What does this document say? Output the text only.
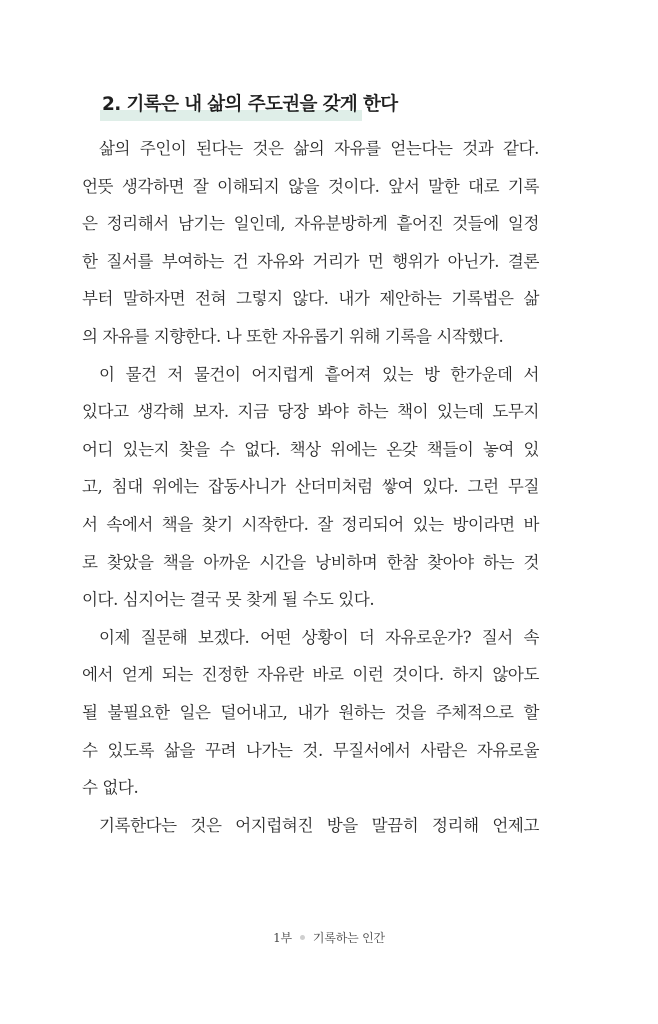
2. 기록은 내 삶의 주도권을 갖게 한다
삶의 주인이 된다는 것은 삶의 자유를 얻는다는 것과 같다.
언뜻 생각하면 잘 이해되지 않을 것이다. 앞서 말한 대로 기록
은 정리해서 남기는 일인데, 자유분방하게 흩어진 것들에 일정
한 질서를 부여하는 건 자유와 거리가 먼 행위가 아닌가. 결론
부터 말하자면 전혀 그렇지 않다. 내가 제안하는 기록법은 삶
의 자유를 지향한다. 나 또한 자유롭기 위해 기록을 시작했다.
이 물건 저 물건이 어지럽게 흩어져 있는 방 한가운데 서
있다고 생각해 보자. 지금 당장 봐야 하는 책이 있는데 도무지
어디 있는지 찾을 수 없다. 책상 위에는 온갖 책들이 놓여 있
고, 침대 위에는 잡동사니가 산더미처럼 쌓여 있다. 그런 무질
서 속에서 책을 찾기 시작한다. 잘 정리되어 있는 방이라면 바
로 찾았을 책을 아까운 시간을 낭비하며 한참 찾아야 하는 것
이다. 심지어는 결국 못 찾게 될 수도 있다.
이제 질문해 보겠다. 어떤 상황이 더 자유로운가? 질서 속
에서 얻게 되는 진정한 자유란 바로 이런 것이다. 하지 않아도
될 불필요한 일은 덜어내고, 내가 원하는 것을 주체적으로 할
수 있도록 삶을 꾸려 나가는 것. 무질서에서 사람은 자유로울
수 없다.
기록한다는 것은 어지럽혀진 방을 말끔히 정리해 언제고
1부 기록하는 인간
